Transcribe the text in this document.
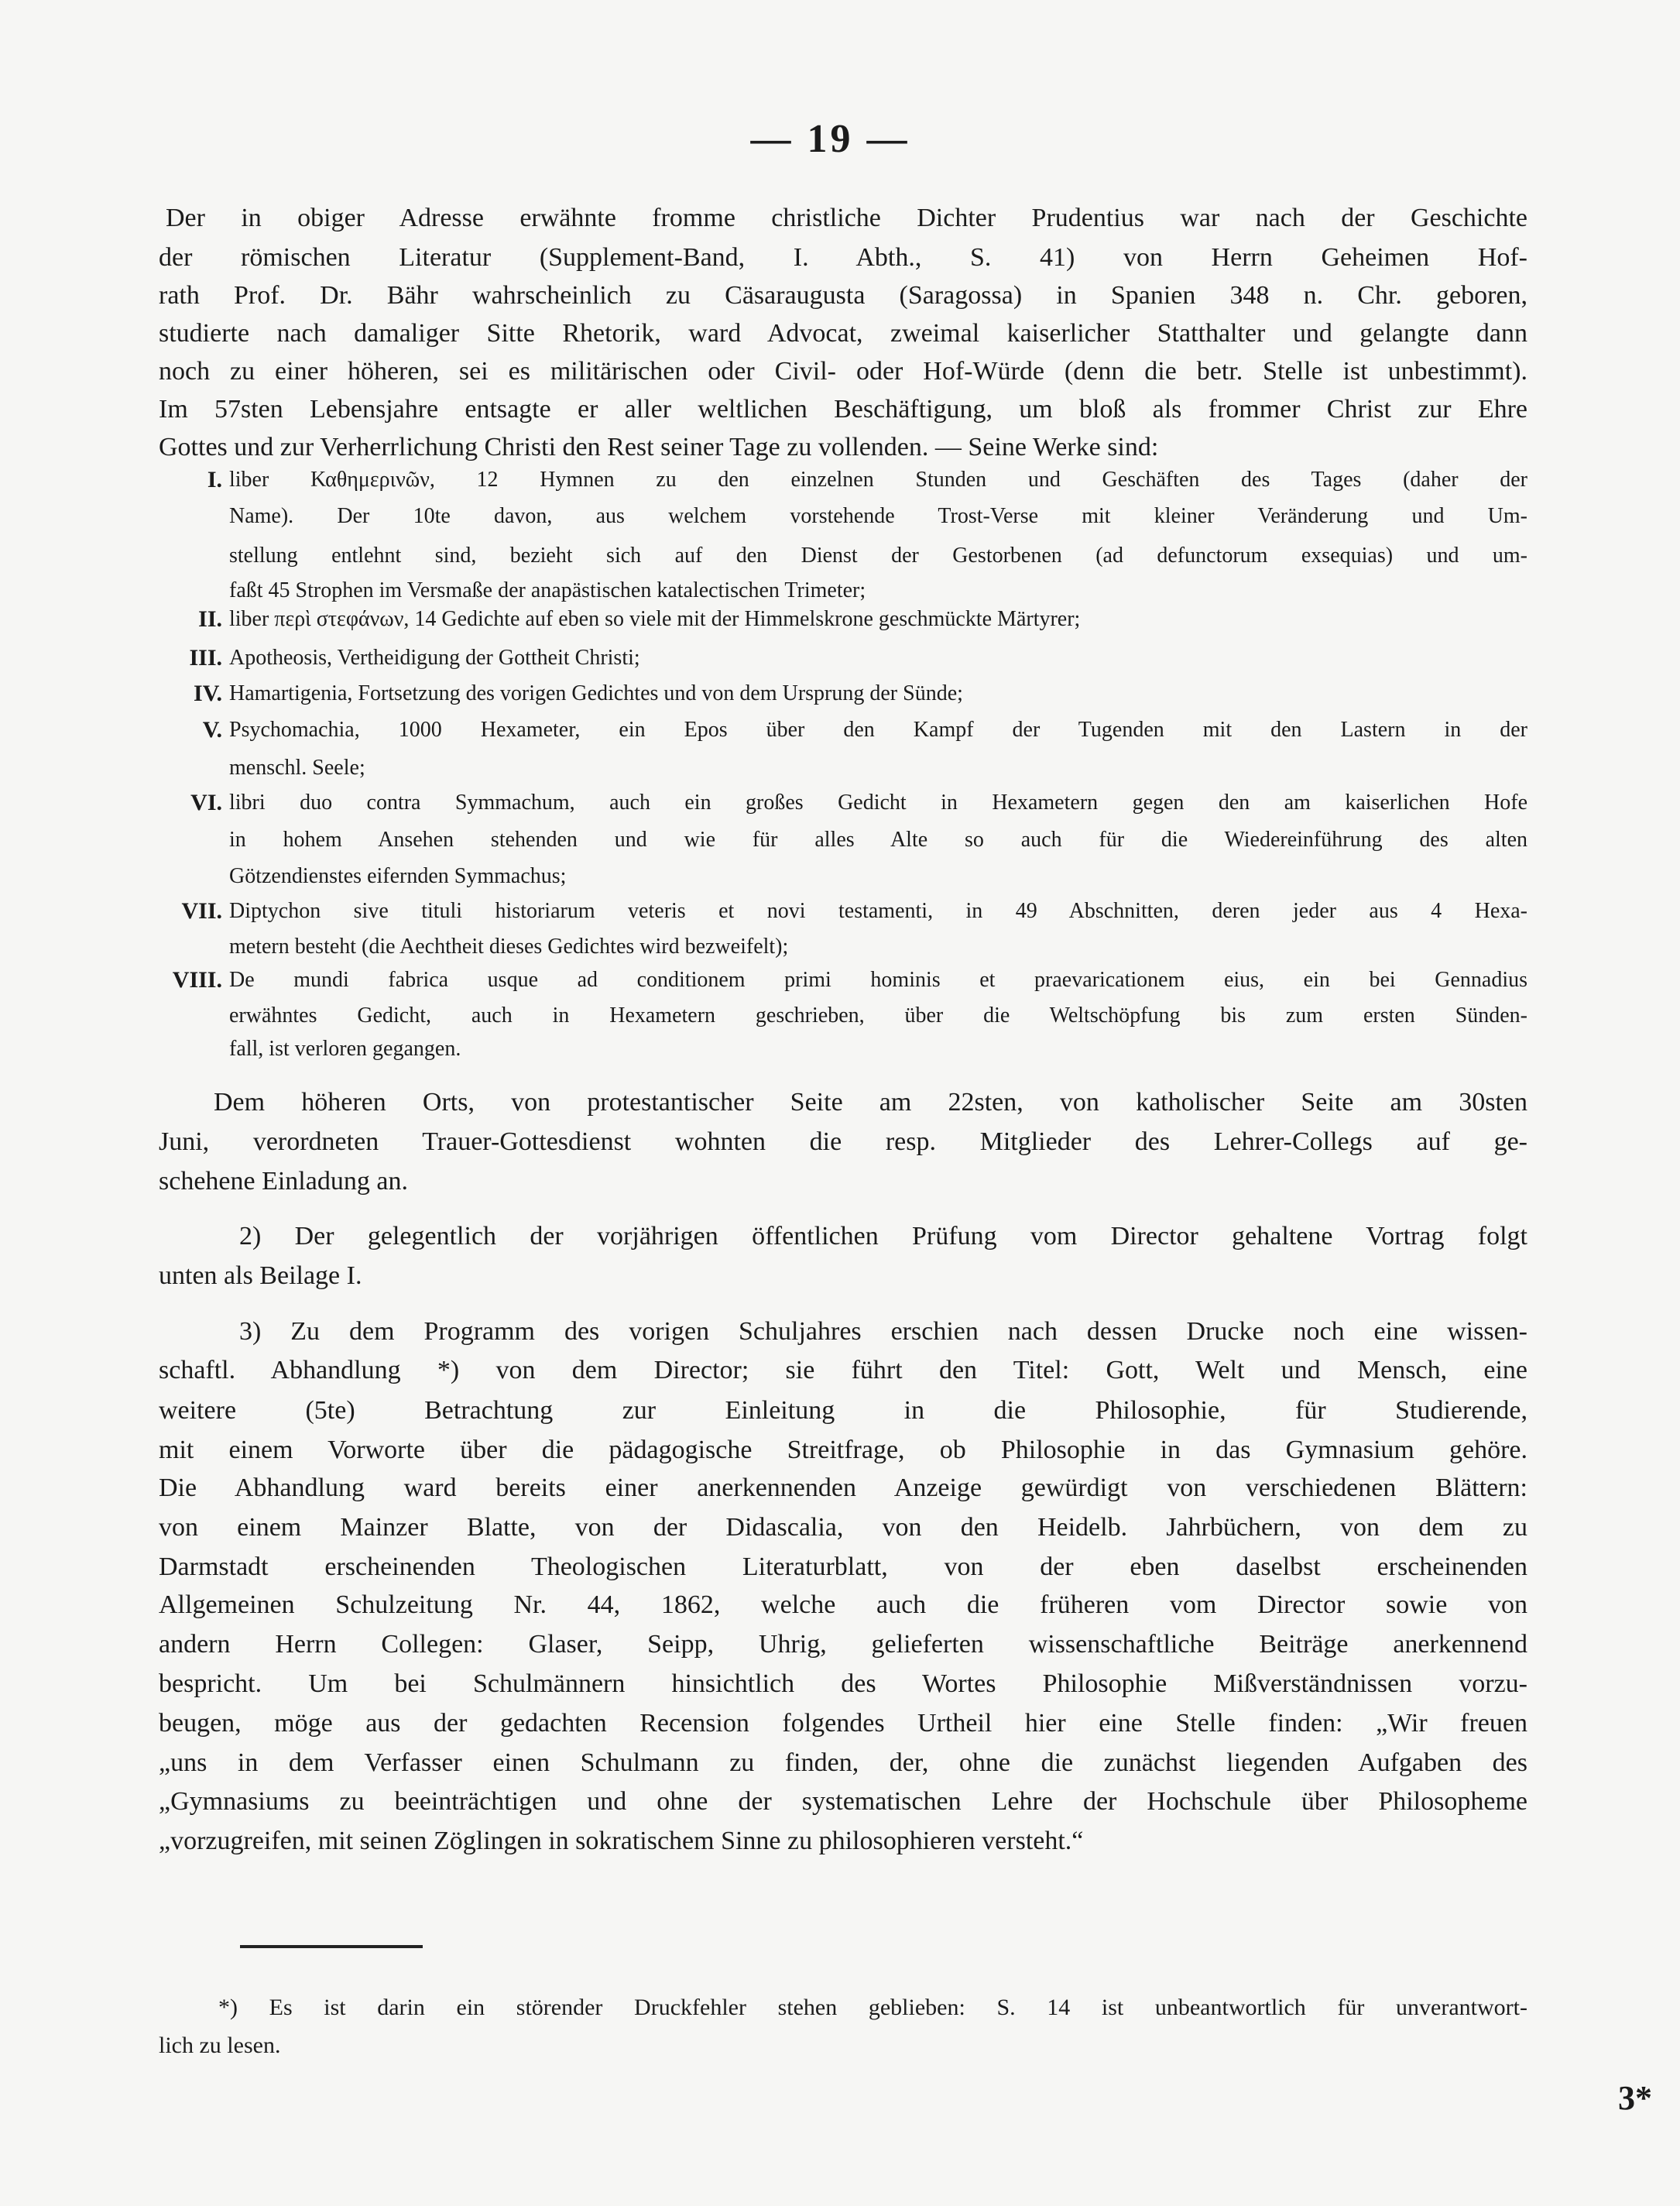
— 19 —
Der in obiger Adresse erwähnte fromme christliche Dichter Prudentius war nach der Geschichte
der römischen Literatur (Supplement-Band, I. Abth., S. 41) von Herrn Geheimen Hof-
rath Prof. Dr. Bähr wahrscheinlich zu Cäsaraugusta (Saragossa) in Spanien 348 n. Chr. geboren,
studierte nach damaliger Sitte Rhetorik, ward Advocat, zweimal kaiserlicher Statthalter und gelangte dann
noch zu einer höheren, sei es militärischen oder Civil- oder Hof-Würde (denn die betr. Stelle ist unbestimmt).
Im 57sten Lebensjahre entsagte er aller weltlichen Beschäftigung, um bloß als frommer Christ zur Ehre
Gottes und zur Verherrlichung Christi den Rest seiner Tage zu vollenden. — Seine Werke sind:
I. liber Καθημερινῶν, 12 Hymnen zu den einzelnen Stunden und Geschäften des Tages (daher der
Name). Der 10te davon, aus welchem vorstehende Trost-Verse mit kleiner Veränderung und Um-
stellung entlehnt sind, bezieht sich auf den Dienst der Gestorbenen (ad defunctorum exsequias) und um-
faßt 45 Strophen im Versmaße der anapästischen katalectischen Trimeter;
II. liber περὶ στεφάνων, 14 Gedichte auf eben so viele mit der Himmelskrone geschmückte Märtyrer;
III. Apotheosis, Vertheidigung der Gottheit Christi;
IV. Hamartigenia, Fortsetzung des vorigen Gedichtes und von dem Ursprung der Sünde;
V. Psychomachia, 1000 Hexameter, ein Epos über den Kampf der Tugenden mit den Lastern in der
menschl. Seele;
VI. libri duo contra Symmachum, auch ein großes Gedicht in Hexametern gegen den am kaiserlichen Hofe
in hohem Ansehen stehenden und wie für alles Alte so auch für die Wiedereinführung des alten
Götzendienstes eifernden Symmachus;
VII. Diptychon sive tituli historiarum veteris et novi testamenti, in 49 Abschnitten, deren jeder aus 4 Hexa-
metern besteht (die Aechtheit dieses Gedichtes wird bezweifelt);
VIII. De mundi fabrica usque ad conditionem primi hominis et praevaricationem eius, ein bei Gennadius
erwähntes Gedicht, auch in Hexametern geschrieben, über die Weltschöpfung bis zum ersten Sünden-
fall, ist verloren gegangen.
Dem höheren Orts, von protestantischer Seite am 22sten, von katholischer Seite am 30sten
Juni, verordneten Trauer-Gottesdienst wohnten die resp. Mitglieder des Lehrer-Collegs auf ge-
schehene Einladung an.
2) Der gelegentlich der vorjährigen öffentlichen Prüfung vom Director gehaltene Vortrag folgt
unten als Beilage I.
3) Zu dem Programm des vorigen Schuljahres erschien nach dessen Drucke noch eine wissen-
schaftl. Abhandlung *) von dem Director; sie führt den Titel: Gott, Welt und Mensch, eine
weitere (5te) Betrachtung zur Einleitung in die Philosophie, für Studierende,
mit einem Vorworte über die pädagogische Streitfrage, ob Philosophie in das Gymnasium gehöre.
Die Abhandlung ward bereits einer anerkennenden Anzeige gewürdigt von verschiedenen Blättern:
von einem Mainzer Blatte, von der Didascalia, von den Heidelb. Jahrbüchern, von dem zu
Darmstadt erscheinenden Theologischen Literaturblatt, von der eben daselbst erscheinenden
Allgemeinen Schulzeitung Nr. 44, 1862, welche auch die früheren vom Director sowie von
andern Herrn Collegen: Glaser, Seipp, Uhrig, gelieferten wissenschaftliche Beiträge anerkennend
bespricht. Um bei Schulmännern hinsichtlich des Wortes Philosophie Mißverständnissen vorzu-
beugen, möge aus der gedachten Recension folgendes Urtheil hier eine Stelle finden: „Wir freuen
„uns in dem Verfasser einen Schulmann zu finden, der, ohne die zunächst liegenden Aufgaben des
„Gymnasiums zu beeinträchtigen und ohne der systematischen Lehre der Hochschule über Philosopheme
„vorzugreifen, mit seinen Zöglingen in sokratischem Sinne zu philosophieren versteht.“
*) Es ist darin ein störender Druckfehler stehen geblieben: S. 14 ist unbeantwortlich für unverantwort-
lich zu lesen.
3*
